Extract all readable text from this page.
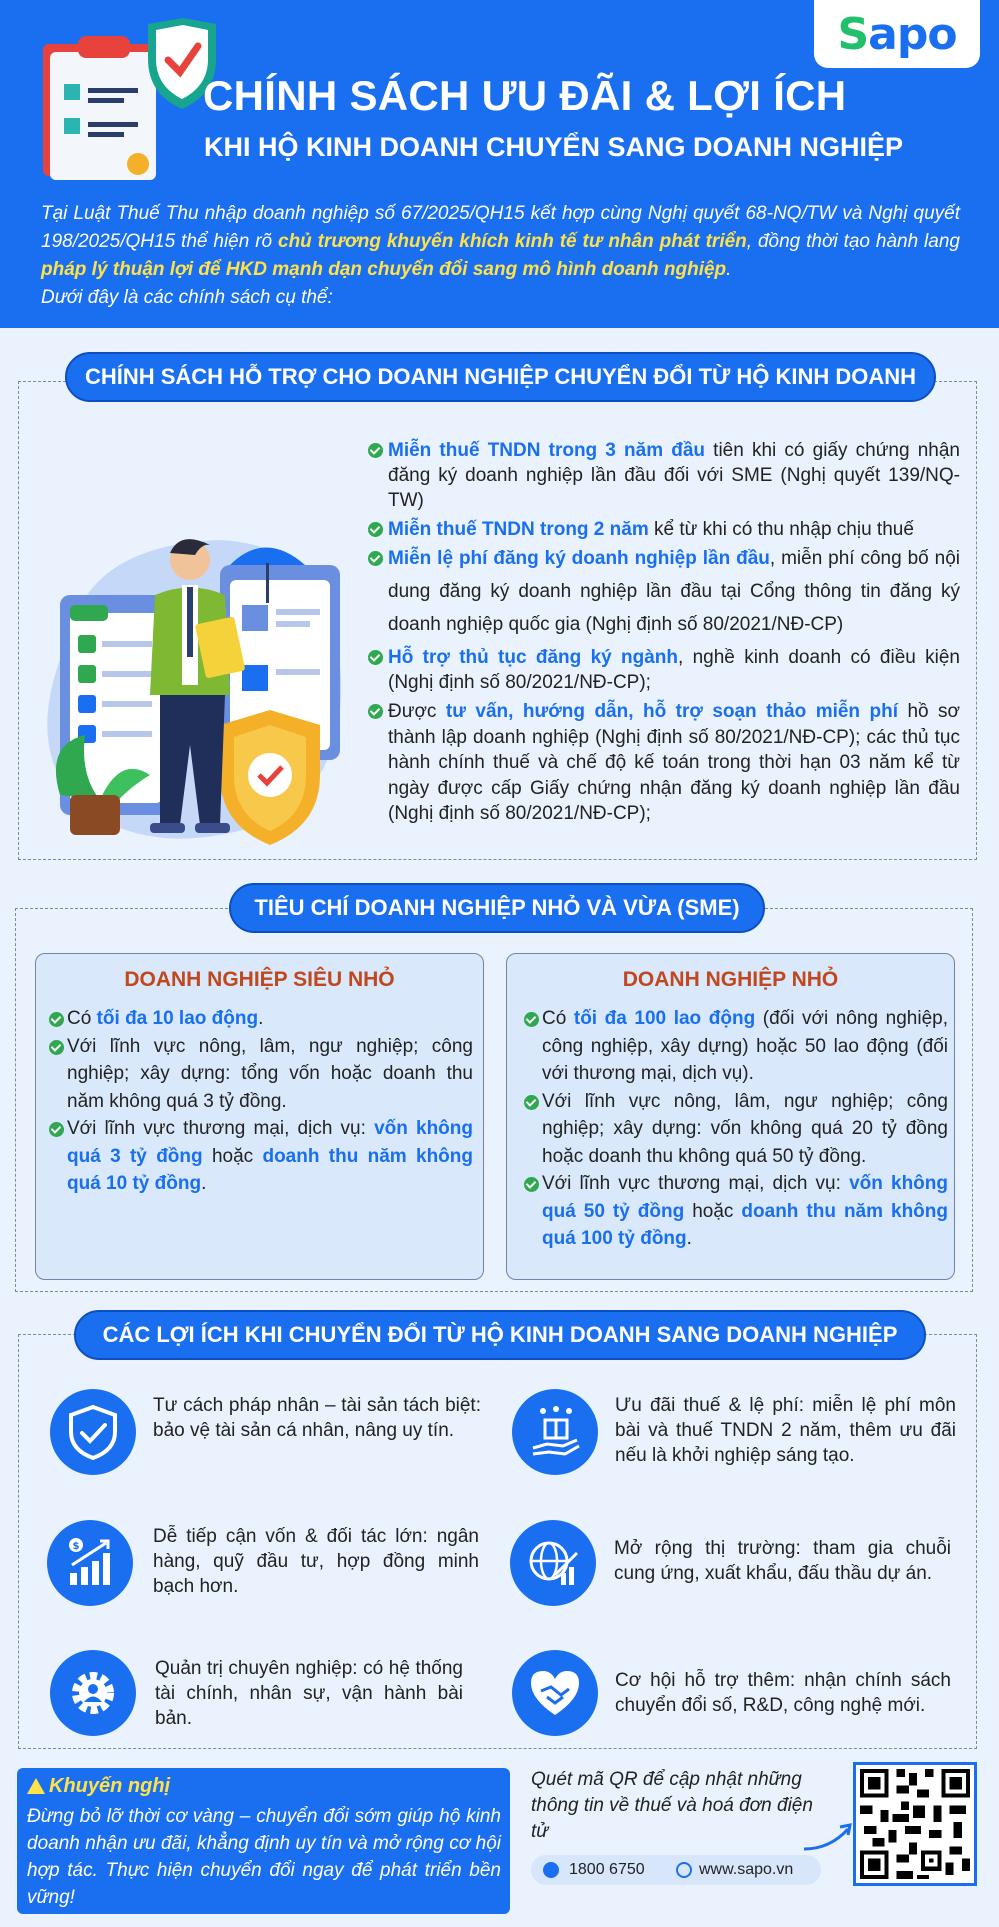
Sapo
CHÍNH SÁCH ƯU ĐÃI & LỢI ÍCH
KHI HỘ KINH DOANH CHUYỂN SANG DOANH NGHIỆP
Tại Luật Thuế Thu nhập doanh nghiệp số 67/2025/QH15 kết hợp cùng Nghị quyết 68-NQ/TW và Nghị quyết 198/2025/QH15 thể hiện rõ chủ trương khuyến khích kinh tế tư nhân phát triển, đồng thời tạo hành lang pháp lý thuận lợi để HKD mạnh dạn chuyển đổi sang mô hình doanh nghiệp.
Dưới đây là các chính sách cụ thể:
CHÍNH SÁCH HỖ TRỢ CHO DOANH NGHIỆP CHUYỂN ĐỔI TỪ HỘ KINH DOANH
Miễn thuế TNDN trong 3 năm đầu tiên khi có giấy chứng nhận đăng ký doanh nghiệp lần đầu đối với SME (Nghị quyết 139/NQ-TW)
Miễn thuế TNDN trong 2 năm kể từ khi có thu nhập chịu thuế
Miễn lệ phí đăng ký doanh nghiệp lần đầu, miễn phí công bố nội dung đăng ký doanh nghiệp lần đầu tại Cổng thông tin đăng ký doanh nghiệp quốc gia (Nghị định số 80/2021/NĐ-CP)
Hỗ trợ thủ tục đăng ký ngành, nghề kinh doanh có điều kiện (Nghị định số 80/2021/NĐ-CP);
Được tư vấn, hướng dẫn, hỗ trợ soạn thảo miễn phí hồ sơ thành lập doanh nghiệp (Nghị định số 80/2021/NĐ-CP); các thủ tục hành chính thuế và chế độ kế toán trong thời hạn 03 năm kể từ ngày được cấp Giấy chứng nhận đăng ký doanh nghiệp lần đầu (Nghị định số 80/2021/NĐ-CP);
TIÊU CHÍ DOANH NGHIỆP NHỎ VÀ VỪA (SME)
DOANH NGHIỆP SIÊU NHỎ
Có tối đa 10 lao động.
Với lĩnh vực nông, lâm, ngư nghiệp; công nghiệp; xây dựng: tổng vốn hoặc doanh thu năm không quá 3 tỷ đồng.
Với lĩnh vực thương mại, dịch vụ: vốn không quá 3 tỷ đồng hoặc doanh thu năm không quá 10 tỷ đồng.
DOANH NGHIỆP NHỎ
Có tối đa 100 lao động (đối với nông nghiệp, công nghiệp, xây dựng) hoặc 50 lao động (đối với thương mại, dịch vụ).
Với lĩnh vực nông, lâm, ngư nghiệp; công nghiệp; xây dựng: vốn không quá 20 tỷ đồng hoặc doanh thu không quá 50 tỷ đồng.
Với lĩnh vực thương mại, dịch vụ: vốn không quá 50 tỷ đồng hoặc doanh thu năm không quá 100 tỷ đồng.
CÁC LỢI ÍCH KHI CHUYỂN ĐỔI TỪ HỘ KINH DOANH SANG DOANH NGHIỆP
Tư cách pháp nhân – tài sản tách biệt: bảo vệ tài sản cá nhân, nâng uy tín.
Ưu đãi thuế & lệ phí: miễn lệ phí môn bài và thuế TNDN 2 năm, thêm ưu đãi nếu là khởi nghiệp sáng tạo.
$	Dễ tiếp cận vốn & đối tác lớn: ngân hàng, quỹ đầu tư, hợp đồng minh bạch hơn.
Mở rộng thị trường: tham gia chuỗi cung ứng, xuất khẩu, đấu thầu dự án.
Quản trị chuyên nghiệp: có hệ thống tài chính, nhân sự, vận hành bài bản.
Cơ hội hỗ trợ thêm: nhận chính sách chuyển đổi số, R&D, công nghệ mới.
Khuyến nghị
Đừng bỏ lỡ thời cơ vàng – chuyển đổi sớm giúp hộ kinh doanh nhận ưu đãi, khẳng định uy tín và mở rộng cơ hội hợp tác. Thực hiện chuyển đổi ngay để phát triển bền vững!
Quét mã QR để cập nhật những thông tin về thuế và hoá đơn điện tử
1800 6750	www.sapo.vn
